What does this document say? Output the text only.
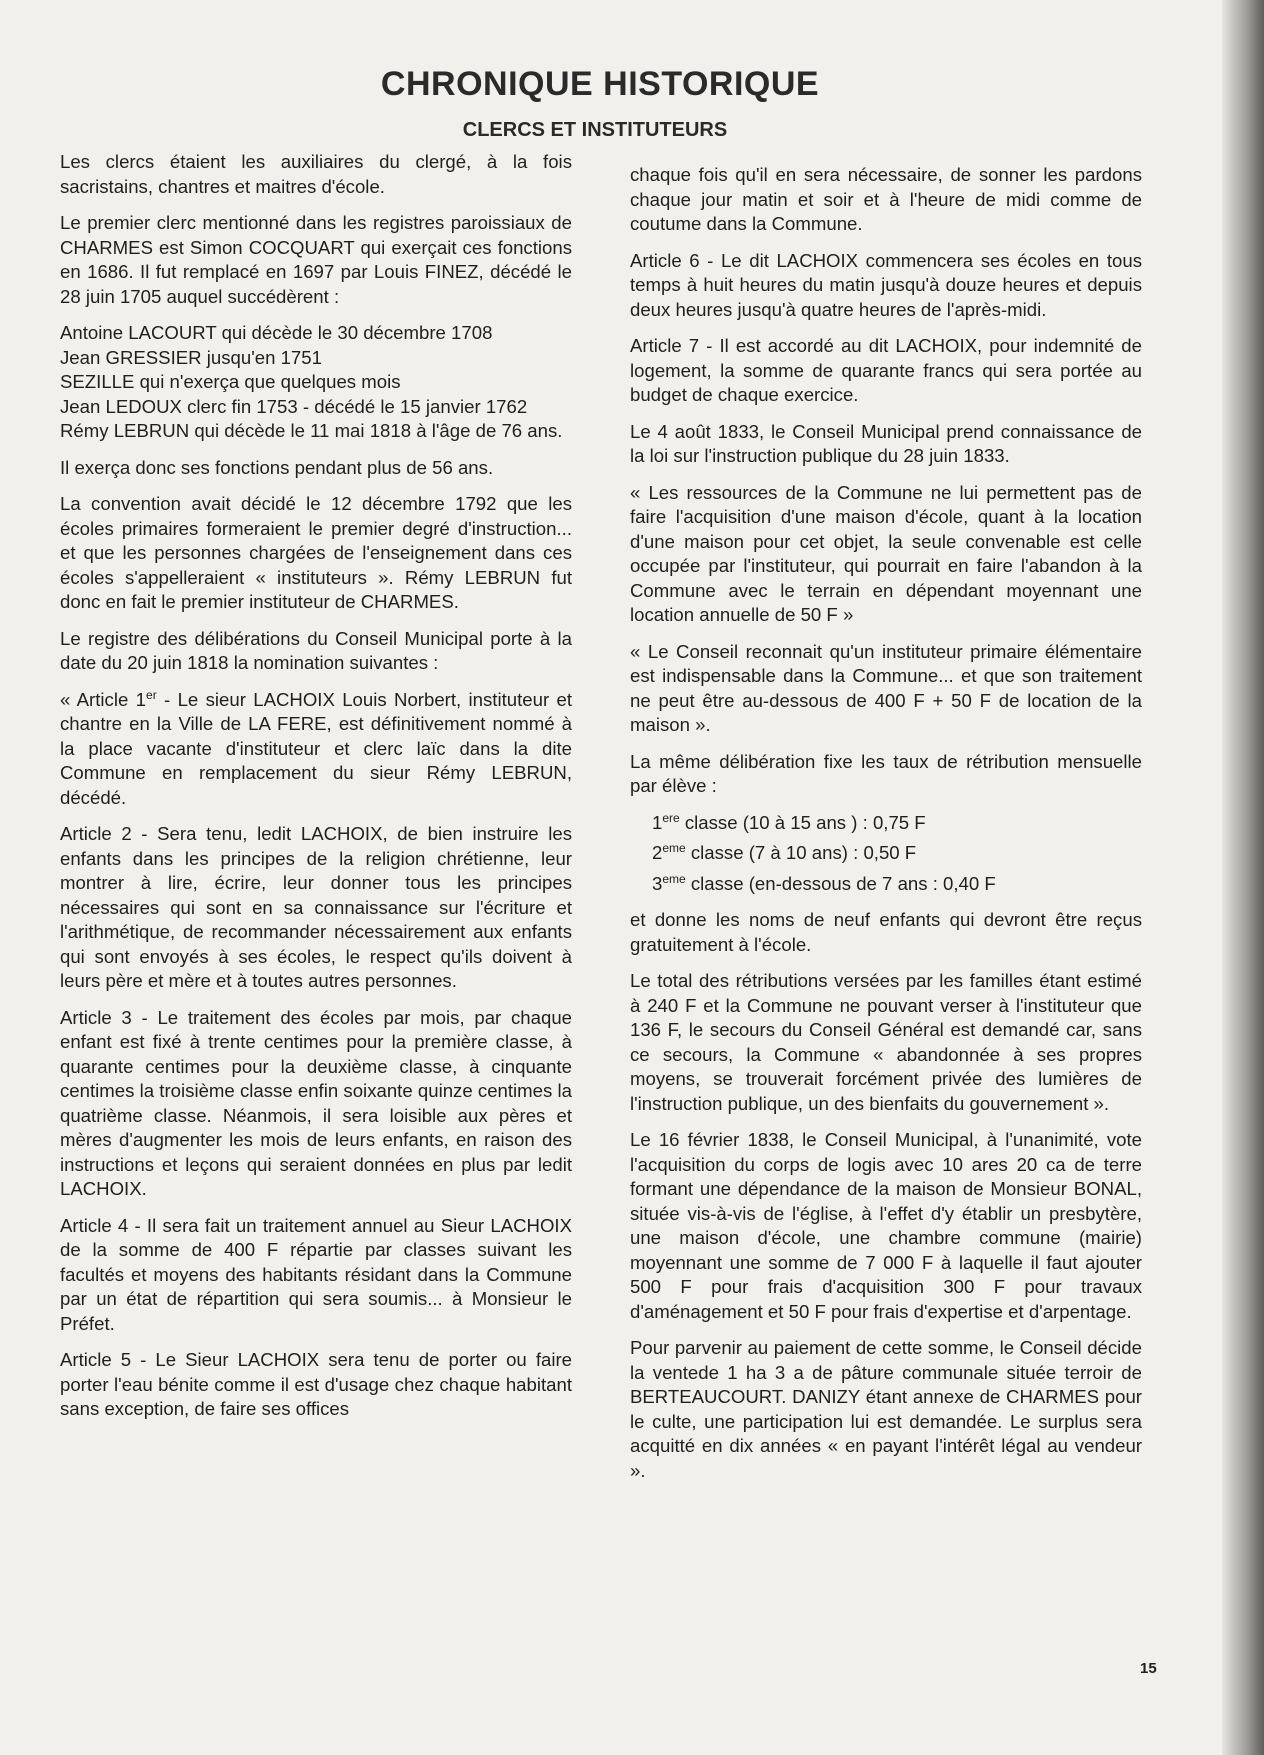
CHRONIQUE HISTORIQUE
CLERCS ET INSTITUTEURS

Les clercs étaient les auxiliaires du clergé, à la fois sacristains, chantres et maitres d'école.

Le premier clerc mentionné dans les registres paroissiaux de CHARMES est Simon COCQUART qui exerçait ces fonctions en 1686. Il fut remplacé en 1697 par Louis FINEZ, décédé le 28 juin 1705 auquel succédèrent :

Antoine LACOURT qui décède le 30 décembre 1708

Jean GRESSIER jusqu'en 1751

SEZILLE qui n'exerça que quelques mois

Jean LEDOUX clerc fin 1753 - décédé le 15 janvier 1762

Rémy LEBRUN qui décède le 11 mai 1818 à l'âge de 76 ans.

Il exerça donc ses fonctions pendant plus de 56 ans.

La convention avait décidé le 12 décembre 1792 que les écoles primaires formeraient le premier degré d'instruction... et que les personnes chargées de l'enseignement dans ces écoles s'appelleraient « instituteurs ». Rémy LEBRUN fut donc en fait le premier instituteur de CHARMES.

Le registre des délibérations du Conseil Municipal porte à la date du 20 juin 1818 la nomination suivantes :

« Article 1er - Le sieur LACHOIX Louis Norbert, instituteur et chantre en la Ville de LA FERE, est définitivement nommé à la place vacante d'instituteur et clerc laïc dans la dite Commune en remplacement du sieur Rémy LEBRUN, décédé.

Article 2 - Sera tenu, ledit LACHOIX, de bien instruire les enfants dans les principes de la religion chrétienne, leur montrer à lire, écrire, leur donner tous les principes nécessaires qui sont en sa connaissance sur l'écriture et l'arithmétique, de recommander nécessairement aux enfants qui sont envoyés à ses écoles, le respect qu'ils doivent à leurs père et mère et à toutes autres personnes.

Article 3 - Le traitement des écoles par mois, par chaque enfant est fixé à trente centimes pour la première classe, à quarante centimes pour la deuxième classe, à cinquante centimes la troisième classe enfin soixante quinze centimes la quatrième classe. Néanmois, il sera loisible aux pères et mères d'augmenter les mois de leurs enfants, en raison des instructions et leçons qui seraient données en plus par ledit LACHOIX.

Article 4 - Il sera fait un traitement annuel au Sieur LACHOIX de la somme de 400 F répartie par classes suivant les facultés et moyens des habitants résidant dans la Commune par un état de répartition qui sera soumis... à Monsieur le Préfet.

Article 5 - Le Sieur LACHOIX sera tenu de porter ou faire porter l'eau bénite comme il est d'usage chez chaque habitant sans exception, de faire ses offices

chaque fois qu'il en sera nécessaire, de sonner les pardons chaque jour matin et soir et à l'heure de midi comme de coutume dans la Commune.

Article 6 - Le dit LACHOIX commencera ses écoles en tous temps à huit heures du matin jusqu'à douze heures et depuis deux heures jusqu'à quatre heures de l'après-midi.

Article 7 - Il est accordé au dit LACHOIX, pour indemnité de logement, la somme de quarante francs qui sera portée au budget de chaque exercice.

Le 4 août 1833, le Conseil Municipal prend connaissance de la loi sur l'instruction publique du 28 juin 1833.

« Les ressources de la Commune ne lui permettent pas de faire l'acquisition d'une maison d'école, quant à la location d'une maison pour cet objet, la seule convenable est celle occupée par l'instituteur, qui pourrait en faire l'abandon à la Commune avec le terrain en dépendant moyennant une location annuelle de 50 F »

« Le Conseil reconnait qu'un instituteur primaire élémentaire est indispensable dans la Commune... et que son traitement ne peut être au-dessous de 400 F + 50 F de location de la maison ».

La même délibération fixe les taux de rétribution mensuelle par élève :

1ere classe (10 à 15 ans ) : 0,75 F

2eme classe (7 à 10 ans) : 0,50 F

3eme classe (en-dessous de 7 ans : 0,40 F

et donne les noms de neuf enfants qui devront être reçus gratuitement à l'école.

Le total des rétributions versées par les familles étant estimé à 240 F et la Commune ne pouvant verser à l'instituteur que 136 F, le secours du Conseil Général est demandé car, sans ce secours, la Commune « abandonnée à ses propres moyens, se trouverait forcément privée des lumières de l'instruction publique, un des bienfaits du gouvernement ».

Le 16 février 1838, le Conseil Municipal, à l'unanimité, vote l'acquisition du corps de logis avec 10 ares 20 ca de terre formant une dépendance de la maison de Monsieur BONAL, située vis-à-vis de l'église, à l'effet d'y établir un presbytère, une maison d'école, une chambre commune (mairie) moyennant une somme de 7 000 F à laquelle il faut ajouter 500 F pour frais d'acquisition 300 F pour travaux d'aménagement et 50 F pour frais d'expertise et d'arpentage.

Pour parvenir au paiement de cette somme, le Conseil décide la ventede 1 ha 3 a de pâture communale située terroir de BERTEAUCOURT. DANIZY étant annexe de CHARMES pour le culte, une participation lui est demandée. Le surplus sera acquitté en dix années « en payant l'intérêt légal au vendeur ».

15
